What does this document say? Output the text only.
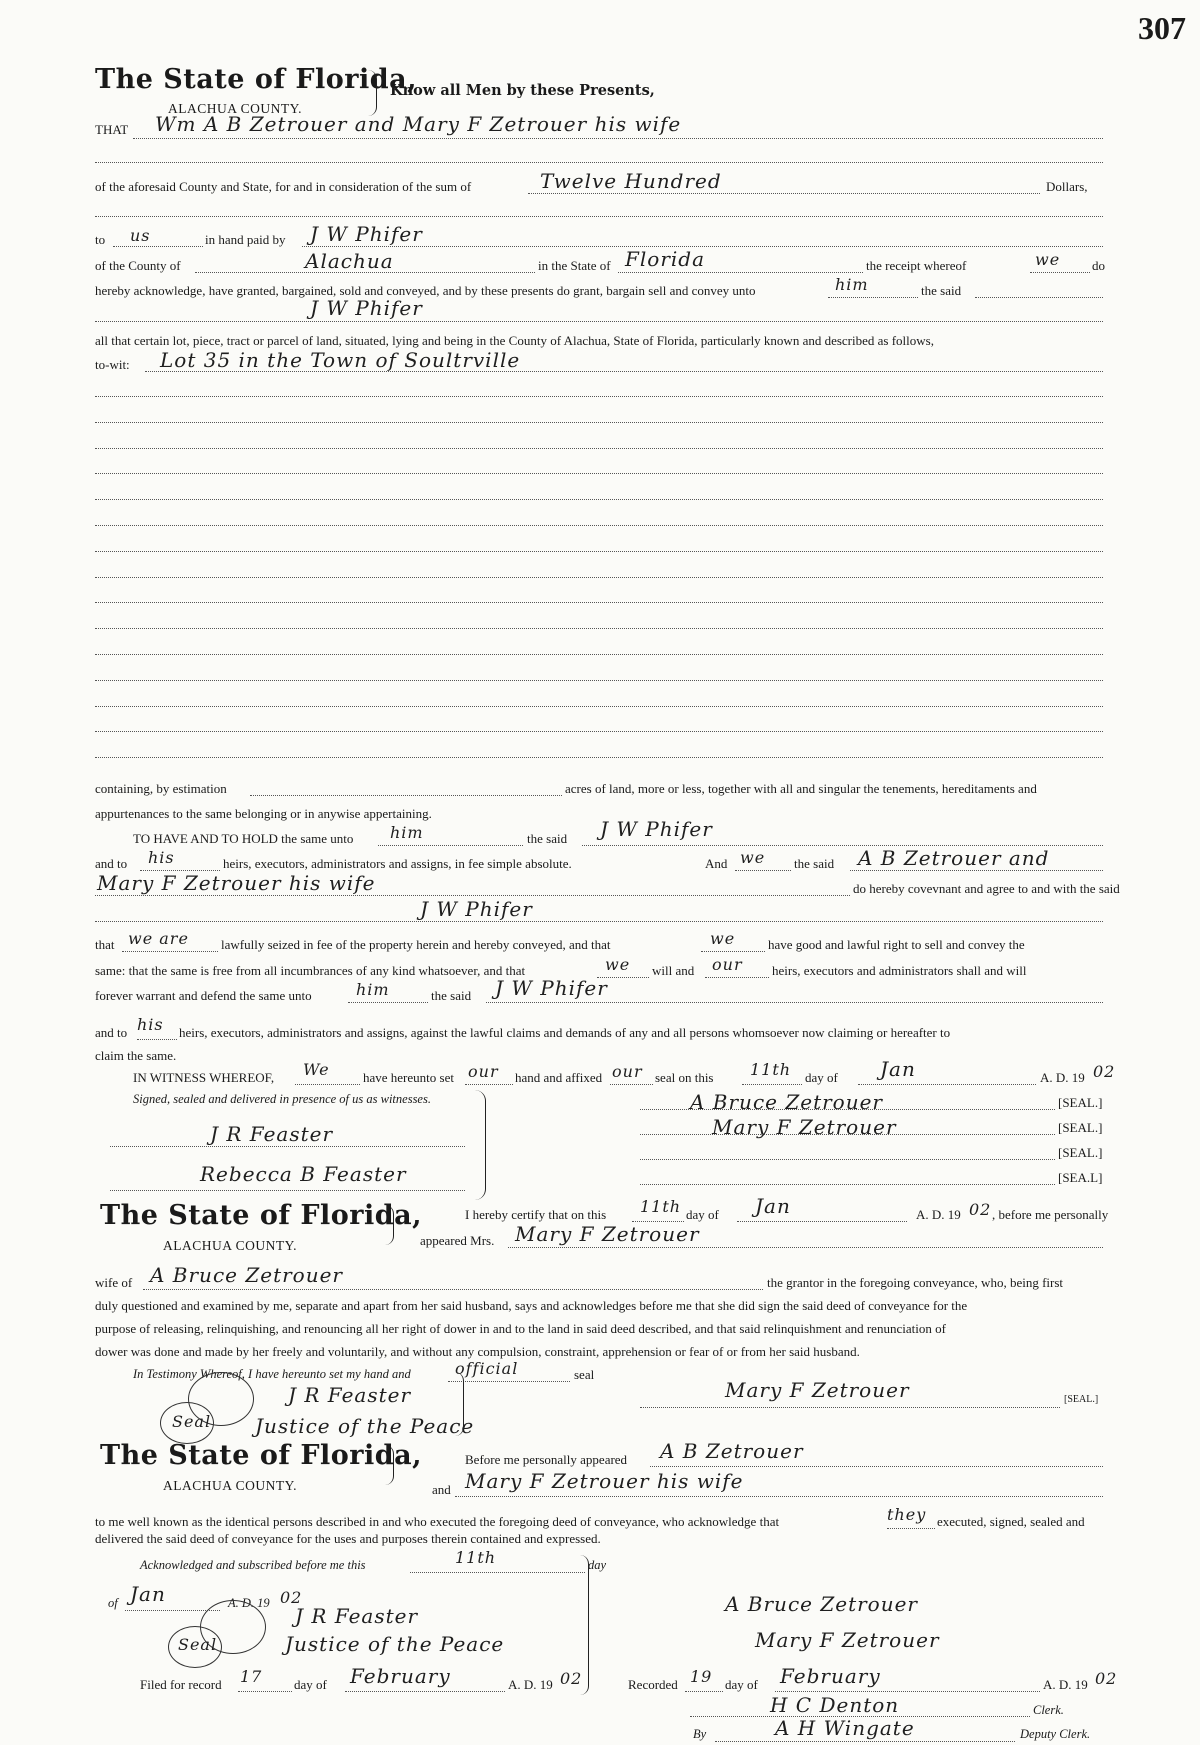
307
The State of Florida,
ALACHUA COUNTY.
Know all Men by these Presents,
THAT Wm A B Zetrouer and Mary F Zetrouer his wife
of the aforesaid County and State, for and in consideration of the sum of	Twelve Hundred	Dollars,
to us	in hand paid by J W Phifer
of the County of	Alachua	in the State of Florida	the receipt whereof	we do
hereby acknowledge, have granted, bargained, sold and conveyed, and by these presents do grant, bargain sell and convey unto	him	the said
J W Phifer
all that certain lot, piece, tract or parcel of land, situated, lying and being in the County of Alachua, State of Florida, particularly known and described as follows,
to-wit: Lot 35 in the Town of Soultrville
containing, by estimation	acres of land, more or less, together with all and singular the tenements, hereditaments and
appurtenances to the same belonging or in anywise appertaining.
TO HAVE AND TO HOLD the same unto him	the said J W Phifer
and to his	heirs, executors, administrators and assigns, in fee simple absolute.	And we the said A B Zetrouer and
Mary F Zetrouer his wife	do hereby covevnant and agree to and with the said
J W Phifer
that we are lawfully seized in fee of the property herein and hereby conveyed, and that	we	have good and lawful right to sell and convey the
same: that the same is free from all incumbrances of any kind whatsoever, and that	we will and our heirs, executors and administrators shall and will
forever warrant and defend the same unto	him	the said J W Phifer
and to his heirs, executors, administrators and assigns, against the lawful claims and demands of any and all persons whomsoever now claiming or hereafter to
claim the same.
IN WITNESS WHEREOF, We	have hereunto set our hand and affixed our seal on this 11th day of Jan	A. D. 19 02
Signed, sealed and delivered in presence of us as witnesses.
J R Feaster
Rebecca B Feaster
A Bruce Zetrouer	[SEAL.]
Mary F Zetrouer	[SEAL.]
[SEAL.]
[SEA.L]
The State of Florida,
ALACHUA COUNTY.
I hereby certify that on this 11th day of Jan	A. D. 19 02 , before me personally
appeared Mrs. Mary F Zetrouer
wife of A Bruce Zetrouer	the grantor in the foregoing conveyance, who, being first
duly questioned and examined by me, separate and apart from her said husband, says and acknowledges before me that she did sign the said deed of conveyance for the
purpose of releasing, relinquishing, and renouncing all her right of dower in and to the land in said deed described, and that said relinquishment and renunciation of
dower was done and made by her freely and voluntarily, and without any compulsion, constraint, apprehension or fear of or from her said husband.
In Testimony Whereof, I have hereunto set my hand and	official	seal
Seal
J R Feaster
Justice of the Peace
Mary F Zetrouer	[SEAL.]
The State of Florida,
ALACHUA COUNTY.
Before me personally appeared A B Zetrouer
and Mary F Zetrouer his wife
to me well known as the identical persons described in and who executed the foregoing deed of conveyance, who acknowledge that	they executed, signed, sealed and
delivered the said deed of conveyance for the uses and purposes therein contained and expressed.
Acknowledged and subscribed before me this	11th	day
of Jan	A. D. 19 02
Seal
J R Feaster
Justice of the Peace
A Bruce Zetrouer
Mary F Zetrouer
Filed for record 17 day of February	A. D. 19 02	Recorded 19 day of February	A. D. 19 02
H C Denton	Clerk.
By	A H Wingate	Deputy Clerk.
